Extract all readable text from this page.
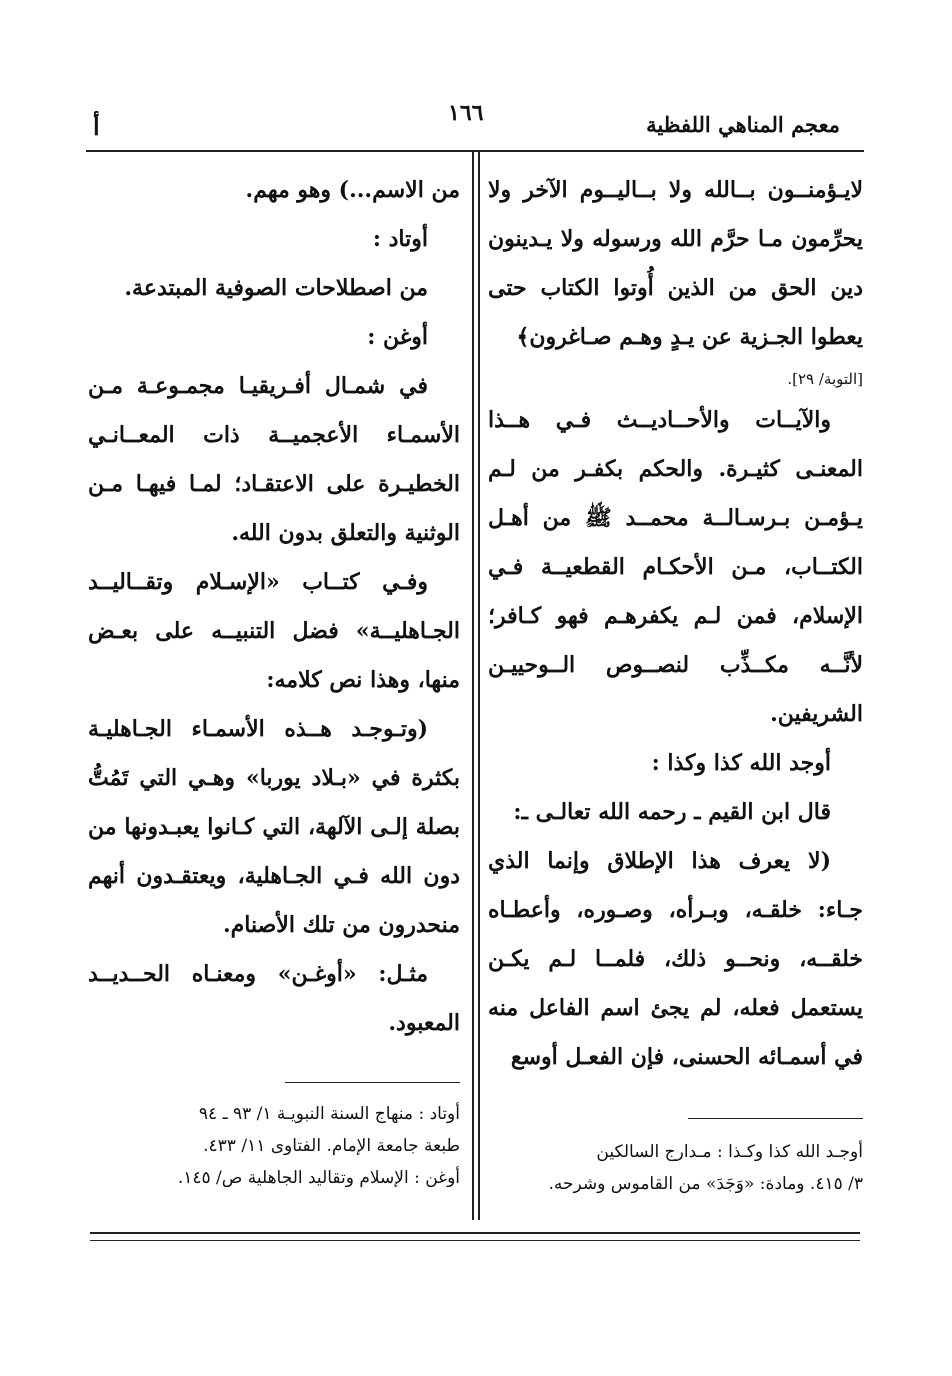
معجم المناهي اللفظية
١٦٦
أ

لايـؤمنــون بــالله ولا بــاليــوم الآخر ولا يحرِّمون مـا حرَّم الله ورسوله ولا يـدينون دين الحق من الذين أُوتوا الكتاب حتى يعطوا الجـزية عن يـدٍ وهـم صـاغرون﴾

[التوبة/ ٢٩].

والآيــات والأحــاديــث فـي هــذا المعنـى كثيـرة. والحكم بكفـر من لـم يـؤمـن بـرسـالــة محمــد ﷺ من أهـل الكتــاب، مـن الأحكـام القطعيــة فـي الإسلام، فمن لـم يكفرهـم فهو كـافر؛ لأنَّــه مكــذِّب لنصــوص الــوحييـن الشريفين.

أوجد الله كذا وكذا :

قال ابن القيم ـ رحمه الله تعالـى ـ:

(لا يعرف هذا الإطلاق وإنما الذي جـاء: خلقـه، وبـرأه، وصـوره، وأعطـاه خلقــه، ونحــو ذلك، فلمــا لـم يكـن يستعمل فعله، لم يجئ اسم الفاعل منه في أسمـائه الحسنى، فإن الفعـل أوسع

من الاسم...) وهو مهم.

أوتاد :

من اصطلاحات الصوفية المبتدعة.

أوغن :

في شمـال أفـريقيـا مجمـوعـة مـن الأسمـاء الأعجميــة ذات المعــانـي الخطيـرة على الاعتقـاد؛ لمـا فيهـا مـن الوثنية والتعلق بدون الله.

وفـي كتــاب «الإسـلام وتقــاليــد الجـاهليــة» فضل التنبيــه على بعـض منها، وهذا نص كلامه:

(وتـوجـد هــذه الأسمـاء الجـاهليـة بكثرة في «بـلاد يوربا» وهـي التي تَمُتُّ بصلة إلـى الآلهة، التي كـانوا يعبـدونها من دون الله فـي الجـاهلية، ويعتقـدون أنهم منحدرون من تلك الأصنام.

مثـل: «أوغـن» ومعنـاه الحــديــد المعبود.

أوجـد الله كذا وكـذا : مـدارج السالكين

٣/ ٤١٥. ومادة: «وَجَدَ» من القاموس وشرحه.

أوتاد : منهاج السنة النبويـة ١/ ٩٣ ـ ٩٤

طبعة جامعة الإمام. الفتاوى ١١/ ٤٣٣.

أوغن : الإسلام وتقاليد الجاهلية ص/ ١٤٥.
